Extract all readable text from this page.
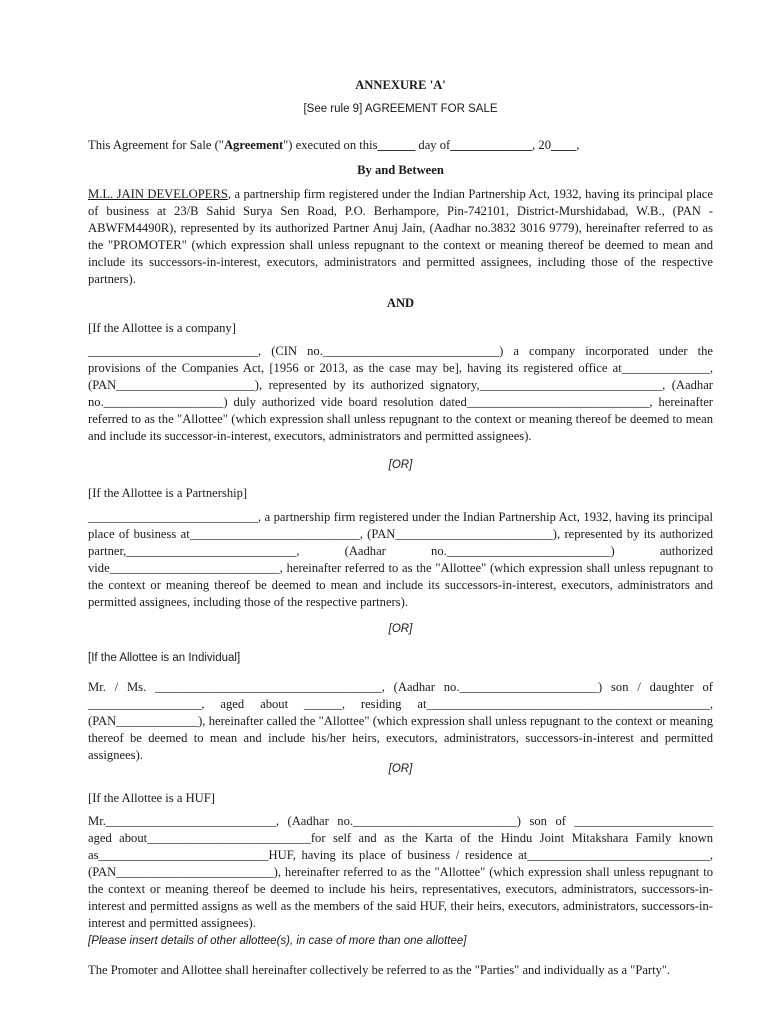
ANNEXURE 'A'
[See rule 9] AGREEMENT FOR SALE
This Agreement for Sale ("Agreement") executed on this______ day of_____________, 20____,
By and Between
M.L. JAIN DEVELOPERS, a partnership firm registered under the Indian Partnership Act, 1932, having its principal place of business at 23/B Sahid Surya Sen Road, P.O. Berhampore, Pin-742101, District-Murshidabad, W.B., (PAN - ABWFM4490R), represented by its authorized Partner Anuj Jain, (Aadhar no.3832 3016 9779), hereinafter referred to as the "PROMOTER" (which expression shall unless repugnant to the context or meaning thereof be deemed to mean and include its successors-in-interest, executors, administrators and permitted assignees, including those of the respective partners).
AND
[If the Allottee is a company]
___________________________, (CIN no.____________________________) a company incorporated under the provisions of the Companies Act, [1956 or 2013, as the case may be], having its registered office at______________, (PAN______________________), represented by its authorized signatory,_____________________________, (Aadhar no.___________________) duly authorized vide board resolution dated_____________________________, hereinafter referred to as the "Allottee" (which expression shall unless repugnant to the context or meaning thereof be deemed to mean and include its successor-in-interest, executors, administrators and permitted assignees).
[OR]
[If the Allottee is a Partnership]
___________________________, a partnership firm registered under the Indian Partnership Act, 1932, having its principal place of business at___________________________, (PAN_________________________), represented by its authorized partner,___________________________, (Aadhar no.__________________________) authorized vide___________________________, hereinafter referred to as the "Allottee" (which expression shall unless repugnant to the context or meaning thereof be deemed to mean and include its successors-in-interest, executors, administrators and permitted assignees, including those of the respective partners).
[OR]
[If the Allottee is an Individual]
Mr. / Ms. ____________________________________, (Aadhar no.______________________) son / daughter of __________________, aged about ______, residing at_____________________________________________, (PAN_____________), hereinafter called the "Allottee" (which expression shall unless repugnant to the context or meaning thereof be deemed to mean and include his/her heirs, executors, administrators, successors-in-interest and permitted assignees).
[OR]
[If the Allottee is a HUF]
Mr.___________________________, (Aadhar no.__________________________) son of ______________________ aged about__________________________for self and as the Karta of the Hindu Joint Mitakshara Family known as___________________________HUF, having its place of business / residence at_____________________________, (PAN_________________________), hereinafter referred to as the "Allottee" (which expression shall unless repugnant to the context or meaning thereof be deemed to include his heirs, representatives, executors, administrators, successors-in-interest and permitted assigns as well as the members of the said HUF, their heirs, executors, administrators, successors-in-interest and permitted assignees).
[Please insert details of other allottee(s), in case of more than one allottee]
The Promoter and Allottee shall hereinafter collectively be referred to as the "Parties" and individually as a "Party".
